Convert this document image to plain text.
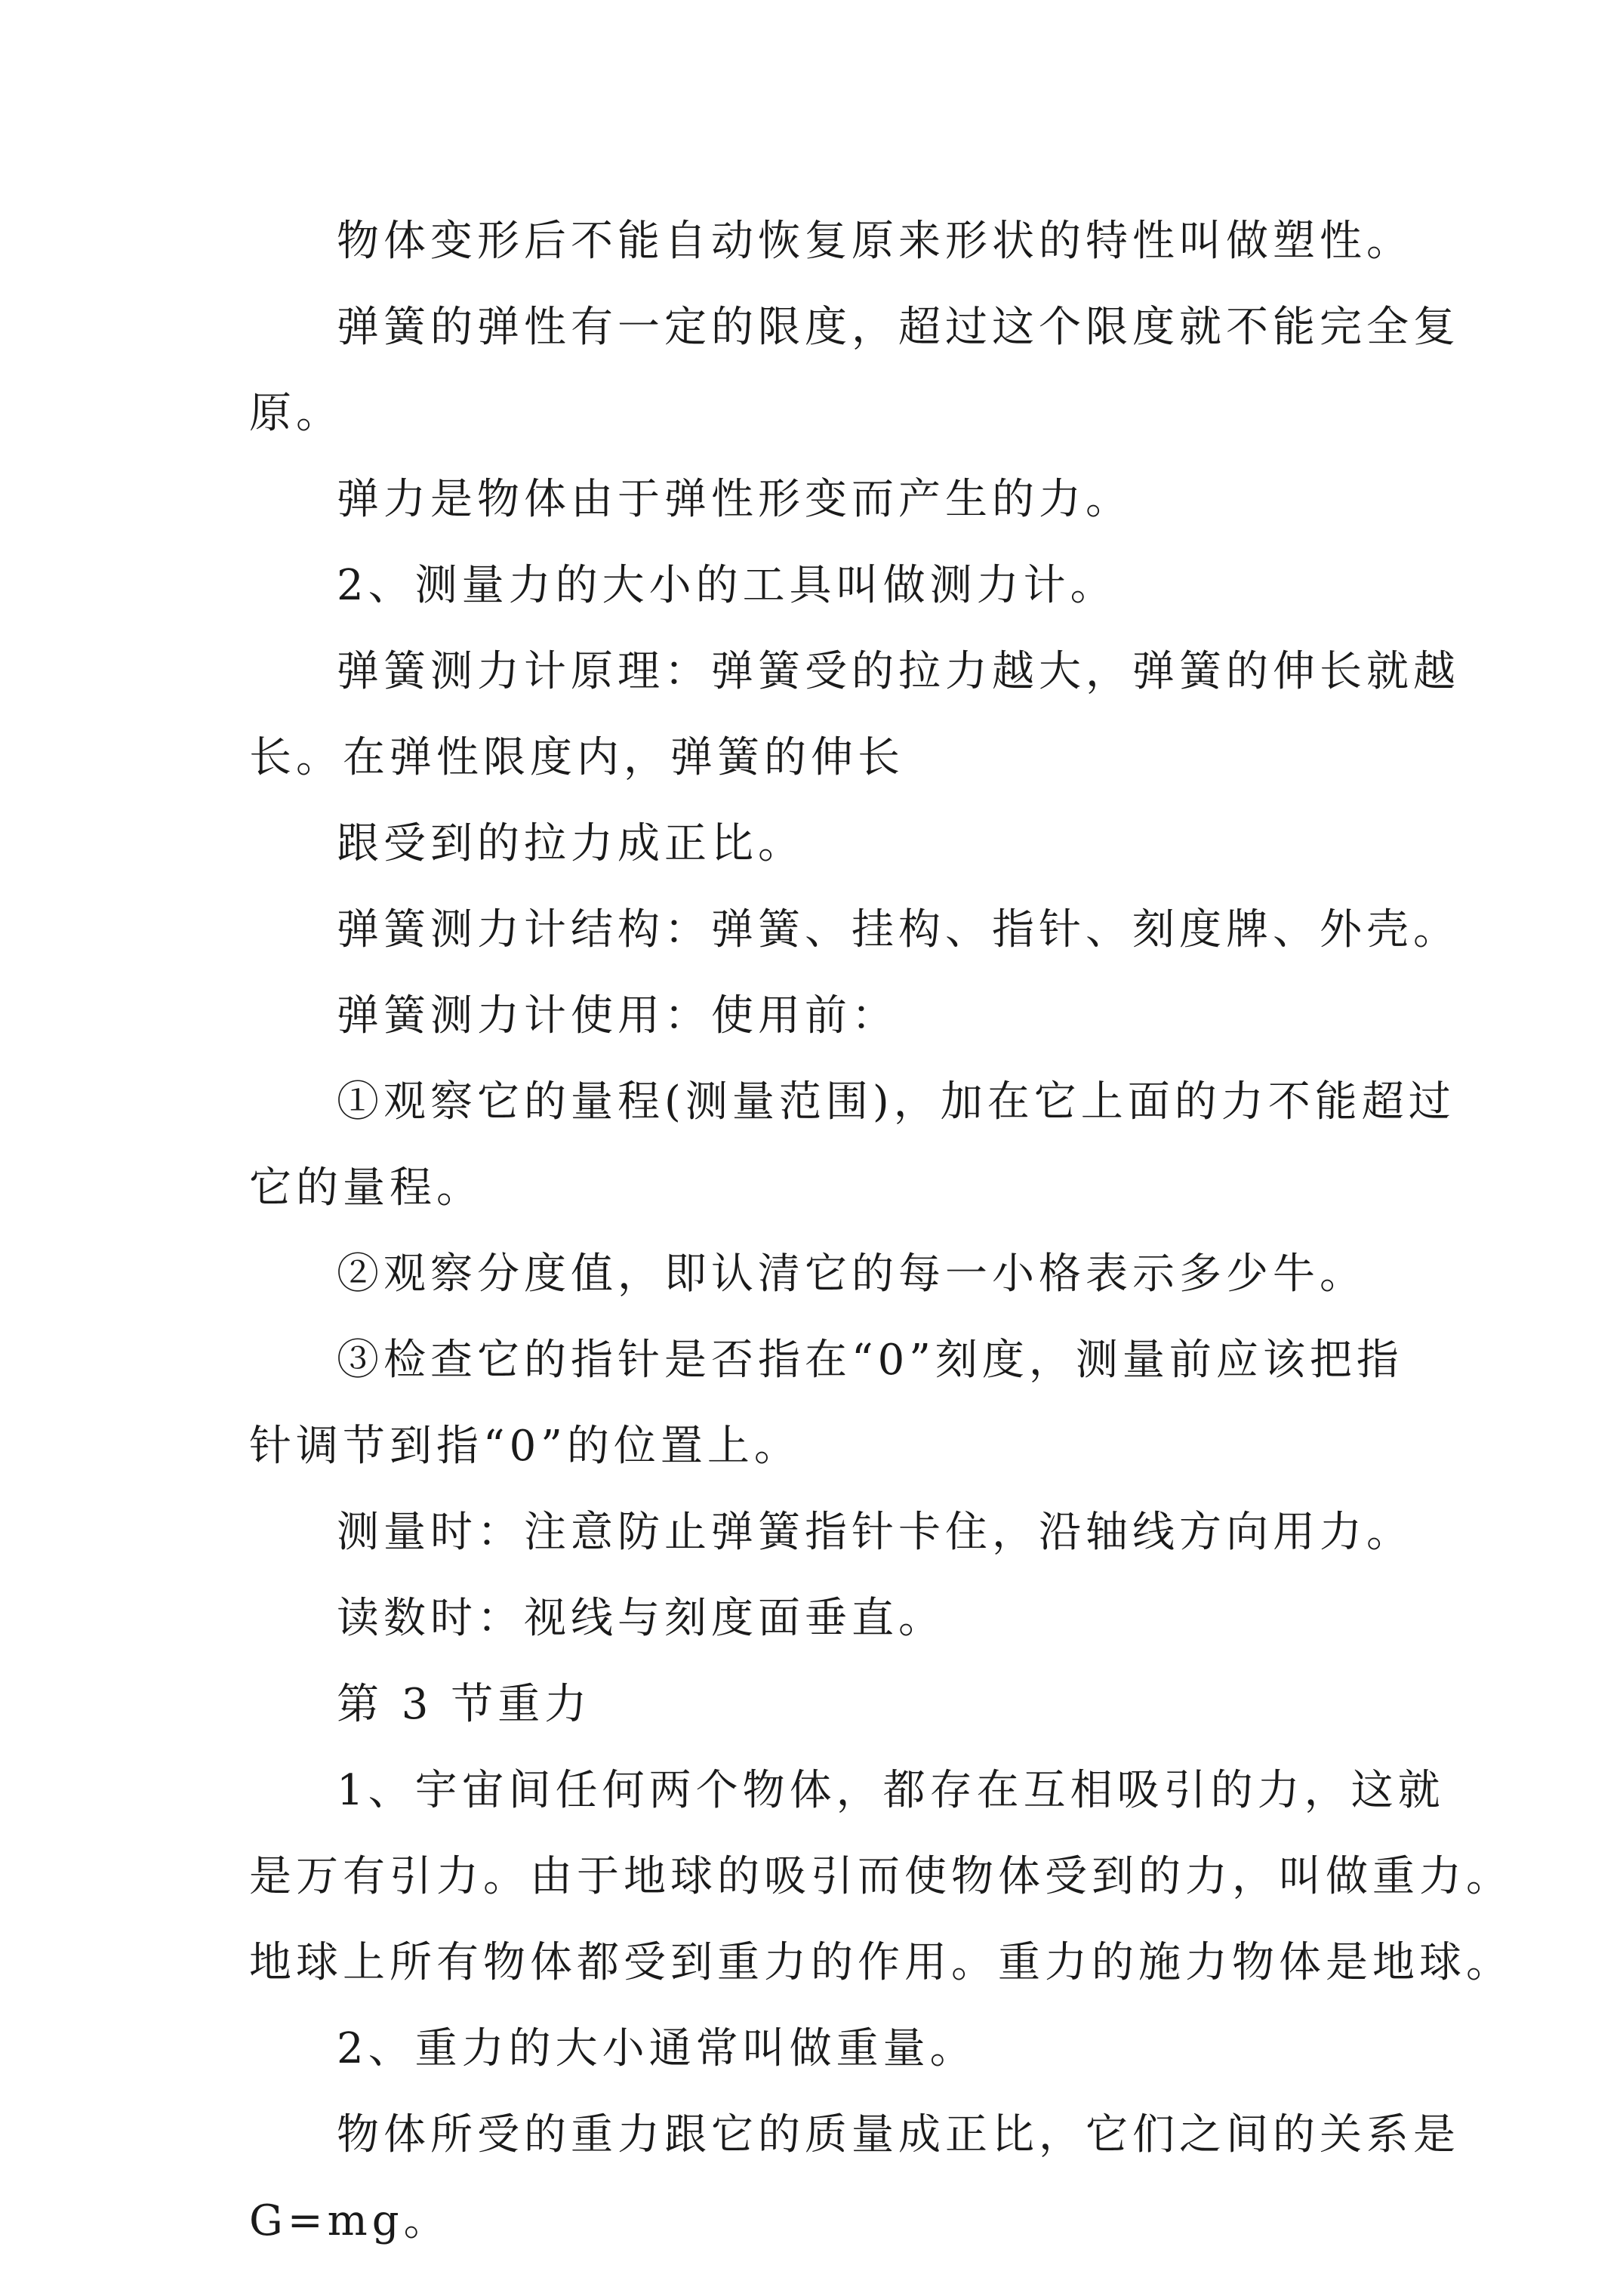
物体变形后不能自动恢复原来形状的特性叫做塑性。
弹簧的弹性有一定的限度，超过这个限度就不能完全复
原。
弹力是物体由于弹性形变而产生的力。
2、测量力的大小的工具叫做测力计。
弹簧测力计原理：弹簧受的拉力越大，弹簧的伸长就越
长。在弹性限度内，弹簧的伸长
跟受到的拉力成正比。
弹簧测力计结构：弹簧、挂构、指针、刻度牌、外壳。
弹簧测力计使用：使用前：
①观察它的量程(测量范围)，加在它上面的力不能超过
它的量程。
②观察分度值，即认清它的每一小格表示多少牛。
③检查它的指针是否指在“0”刻度，测量前应该把指
针调节到指“0”的位置上。
测量时：注意防止弹簧指针卡住，沿轴线方向用力。
读数时：视线与刻度面垂直。
第 3 节重力
1、宇宙间任何两个物体，都存在互相吸引的力，这就
是万有引力。由于地球的吸引而使物体受到的力，叫做重力。
地球上所有物体都受到重力的作用。重力的施力物体是地球。
2、重力的大小通常叫做重量。
物体所受的重力跟它的质量成正比，它们之间的关系是
G=mg。
